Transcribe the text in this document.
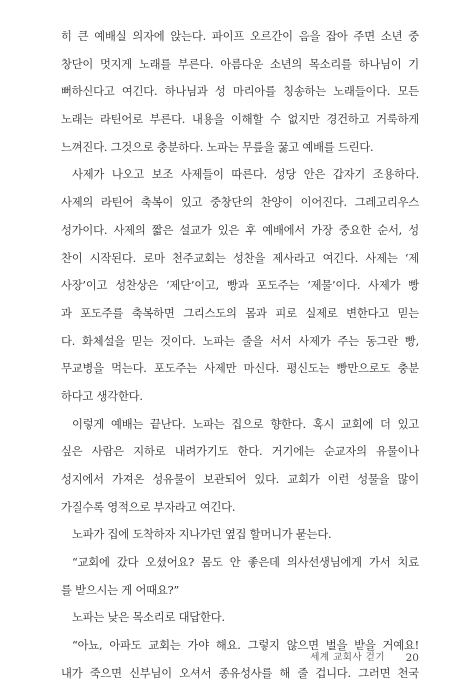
히 큰 예배실 의자에 앉는다. 파이프 오르간이 음을 잡아 주면 소년 중
창단이 멋지게 노래를 부른다. 아름다운 소년의 목소리를 하나님이 기
뻐하신다고 여긴다. 하나님과 성 마리아를 칭송하는 노래들이다. 모든
노래는 라틴어로 부른다. 내용을 이해할 수 없지만 경건하고 거룩하게
느껴진다. 그것으로 충분하다. 노파는 무릎을 꿇고 예배를 드린다.
사제가 나오고 보조 사제들이 따른다. 성당 안은 갑자기 조용하다.
사제의 라틴어 축복이 있고 중창단의 찬양이 이어진다. 그레고리우스
성가이다. 사제의 짧은 설교가 있은 후 예배에서 가장 중요한 순서, 성
찬이 시작된다. 로마 천주교회는 성찬을 제사라고 여긴다. 사제는 ‘제
사장’이고 성찬상은 ‘제단’이고, 빵과 포도주는 ‘제물’이다. 사제가 빵
과 포도주를 축복하면 그리스도의 몸과 피로 실제로 변한다고 믿는
다. 화체설을 믿는 것이다. 노파는 줄을 서서 사제가 주는 동그란 빵,
무교병을 먹는다. 포도주는 사제만 마신다. 평신도는 빵만으로도 충분
하다고 생각한다.
이렇게 예배는 끝난다. 노파는 집으로 향한다. 혹시 교회에 더 있고
싶은 사람은 지하로 내려가기도 한다. 거기에는 순교자의 유물이나
성지에서 가져온 성유물이 보관되어 있다. 교회가 이런 성물을 많이
가질수록 영적으로 부자라고 여긴다.
노파가 집에 도착하자 지나가던 옆집 할머니가 묻는다.
“교회에 갔다 오셨어요? 몸도 안 좋은데 의사선생님에게 가서 치료
를 받으시는 게 어때요?”
노파는 낮은 목소리로 대답한다.
“아뇨, 아파도 교회는 가야 해요. 그렇지 않으면 벌을 받을 거예요!
내가 죽으면 신부님이 오셔서 종유성사를 해 줄 겁니다. 그러면 천국
세계 교회사 걷기 20
